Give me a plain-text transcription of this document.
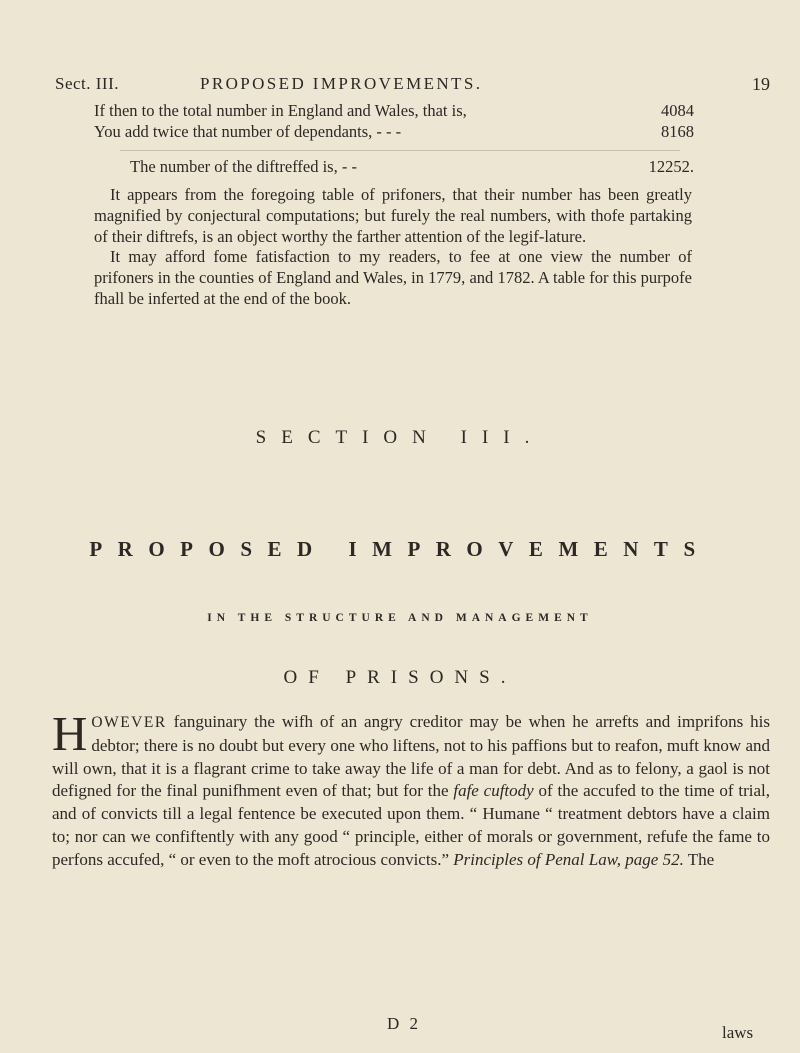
Sect. III.	PROPOSED IMPROVEMENTS.	19
If then to the total number in England and Wales, that is,	4084
You add twice that number of dependants, - - -	8168
The number of the diftreffed is, - -	12252.

It appears from the foregoing table of prifoners, that their number has been greatly magnified by conjectural computations; but furely the real numbers, with thofe partaking of their diftrefs, is an object worthy the farther attention of the legif-lature.

It may afford fome fatisfaction to my readers, to fee at one view the number of prifoners in the counties of England and Wales, in 1779, and 1782. A table for this purpofe fhall be inferted at the end of the book.

SECTION III.
PROPOSED IMPROVEMENTS
IN THE STRUCTURE AND MANAGEMENT
OF PRISONS.

HOWEVER fanguinary the wifh of an angry creditor may be when he arrefts and imprifons his debtor; there is no doubt but every one who liftens, not to his paffions but to reafon, muft know and will own, that it is a flagrant crime to take away the life of a man for debt. And as to felony, a gaol is not defigned for the final punifhment even of that; but for the fafe cuftody of the accufed to the time of trial, and of convicts till a legal fentence be executed upon them. “ Humane “ treatment debtors have a claim to; nor can we confiftently with any good “ principle, either of morals or government, refufe the fame to perfons accufed, “ or even to the moft atrocious convicts.” Principles of Penal Law, page 52. The

D 2	laws
